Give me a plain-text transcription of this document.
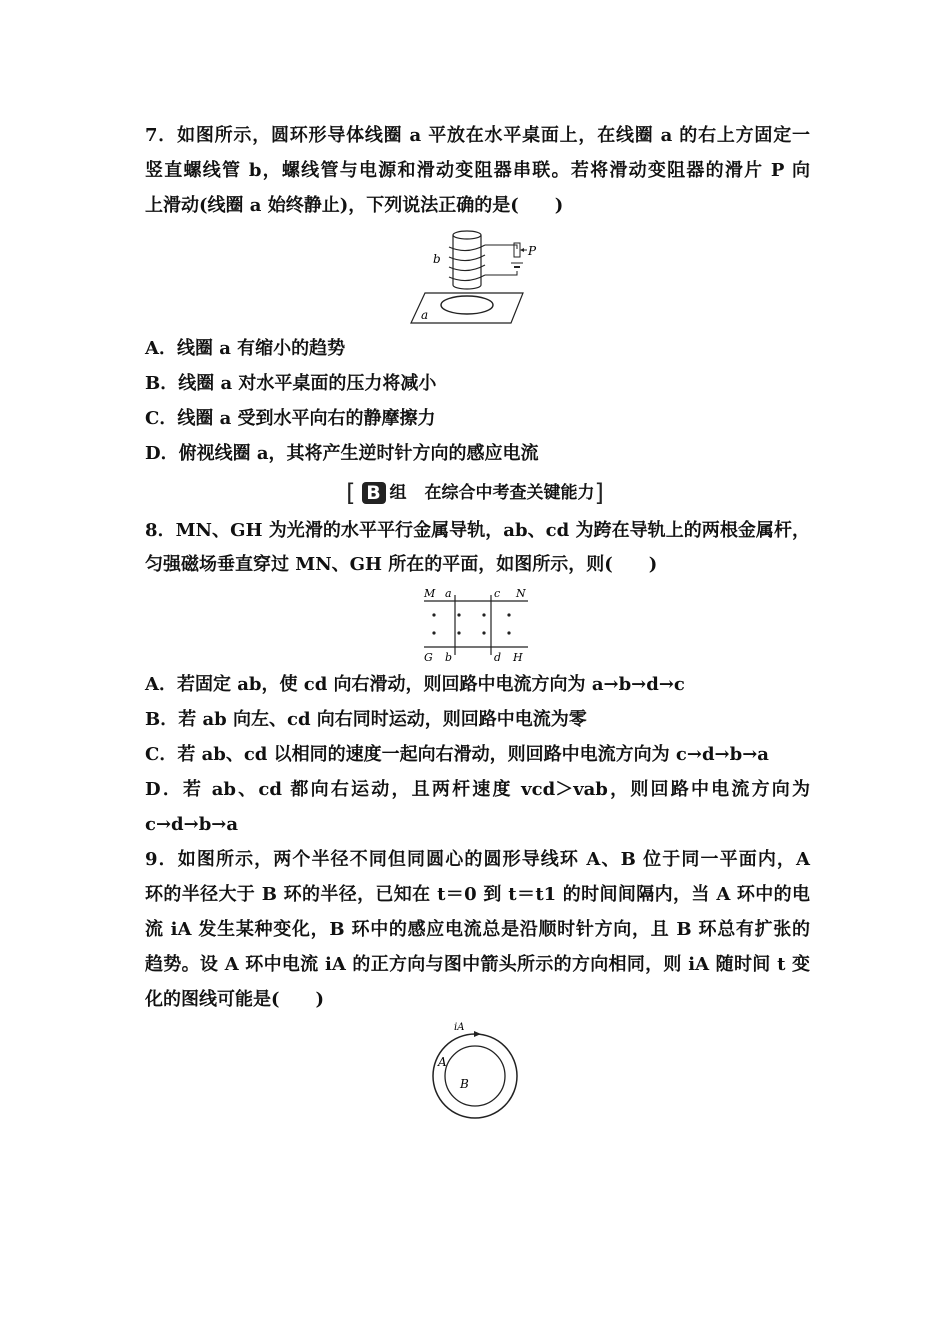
7．如图所示，圆环形导体线圈 a 平放在水平桌面上，在线圈 a 的右上方固定一
竖直螺线管 b，螺线管与电源和滑动变阻器串联。若将滑动变阻器的滑片 P 向
上滑动(线圈 a 始终静止)，下列说法正确的是(　　)
b
P
a
A．线圈 a 有缩小的趋势
B．线圈 a 对水平桌面的压力将减小
C．线圈 a 受到水平向右的静摩擦力
D．俯视线圈 a，其将产生逆时针方向的感应电流
[ B 组 在综合中考查关键能力 ]
8．MN、GH 为光滑的水平平行金属导轨，ab、cd 为跨在导轨上的两根金属杆，
匀强磁场垂直穿过 MN、GH 所在的平面，如图所示，则(　　)
M a	c N
G b	d H
A．若固定 ab，使 cd 向右滑动，则回路中电流方向为 a→b→d→c
B．若 ab 向左、cd 向右同时运动，则回路中电流为零
C．若 ab、cd 以相同的速度一起向右滑动，则回路中电流方向为 c→d→b→a
D．若 ab、cd 都向右运动，且两杆速度 vcd＞vab，则回路中电流方向为
c→d→b→a
9．如图所示，两个半径不同但同圆心的圆形导线环 A、B 位于同一平面内，A
环的半径大于 B 环的半径，已知在 t＝0 到 t＝t1 的时间间隔内，当 A 环中的电
流 iA 发生某种变化，B 环中的感应电流总是沿顺时针方向，且 B 环总有扩张的
趋势。设 A 环中电流 iA 的正方向与图中箭头所示的方向相同，则 iA 随时间 t 变
化的图线可能是(　　)
iA
A
B
